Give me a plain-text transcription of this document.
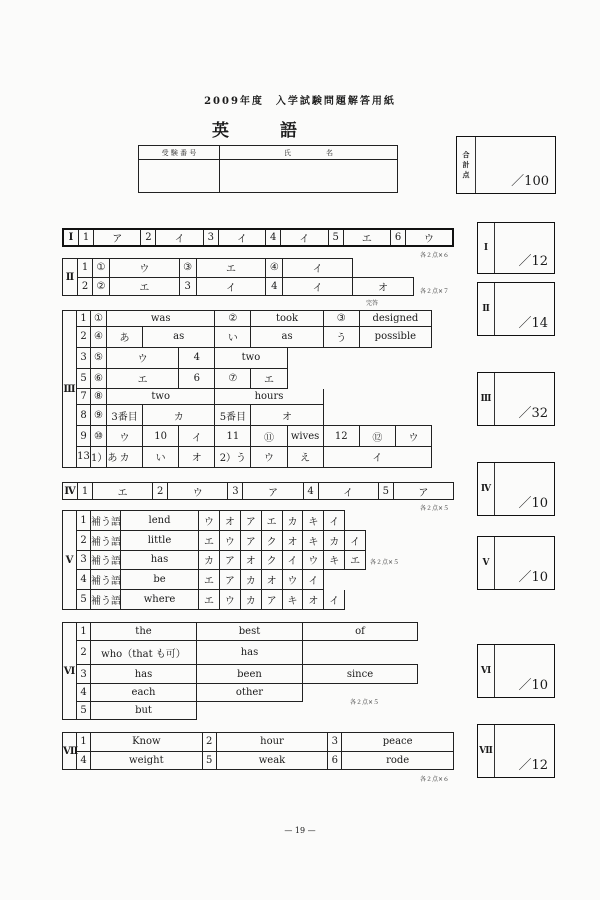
2009年度　入学試験問題解答用紙
英　　　語
受 験 番 号	氏　　　　　名
		合
計
点	／100
Ⅰ
／12
Ⅱ
／14
Ⅲ
／32
Ⅳ
／10
Ⅴ
／10
Ⅵ
／10
Ⅶ
／12
Ⅰ	1	ア	2	イ	3	イ	4	イ	5	エ	6	ウ
各２点×６
Ⅱ	1	①	ウ	③	エ	④	イ	
	2	②	エ	3	イ	4	イ	オ
完答
各２点×７
Ⅲ	1	①	was			②	took		③	designed	
	2	④	あ	as		い	as		う	possible	
	3	⑤	ウ		4	two					
	5	⑥	エ		6	⑦	エ				
	7	⑧	two			hours					
	8	⑨	3番目	カ		5番目	オ				
	9	⑩	ウ	10	イ	11	⑪	wives	12	⑫	ウ
	13	1）あ	カ	い	オ	2）う	ウ	え	イ		
Ⅳ	1	エ	2	ウ	3	ア	4	イ	5	ア
各２点×５
Ⅴ	1	補う語	lend	ウ	オ	ア	エ	カ	キ	イ	
	2	補う語	little	エ	ウ	ア	ク	オ	キ	カ	イ
	3	補う語	has	カ	ア	オ	ク	イ	ウ	キ	エ
	4	補う語	be	エ	ア	カ	オ	ウ	イ		
	5	補う語	where	エ	ウ	カ	ア	キ	オ	イ	
各２点×５
Ⅵ	1	the	best	of
	2	who（that も可）	has	
	3	has	been	since
	4	each	other	
	5	but		
各２点×５
Ⅶ	1	Know	2	hour	3	peace
	4	weight	5	weak	6	rode
各２点×６
— 19 —
